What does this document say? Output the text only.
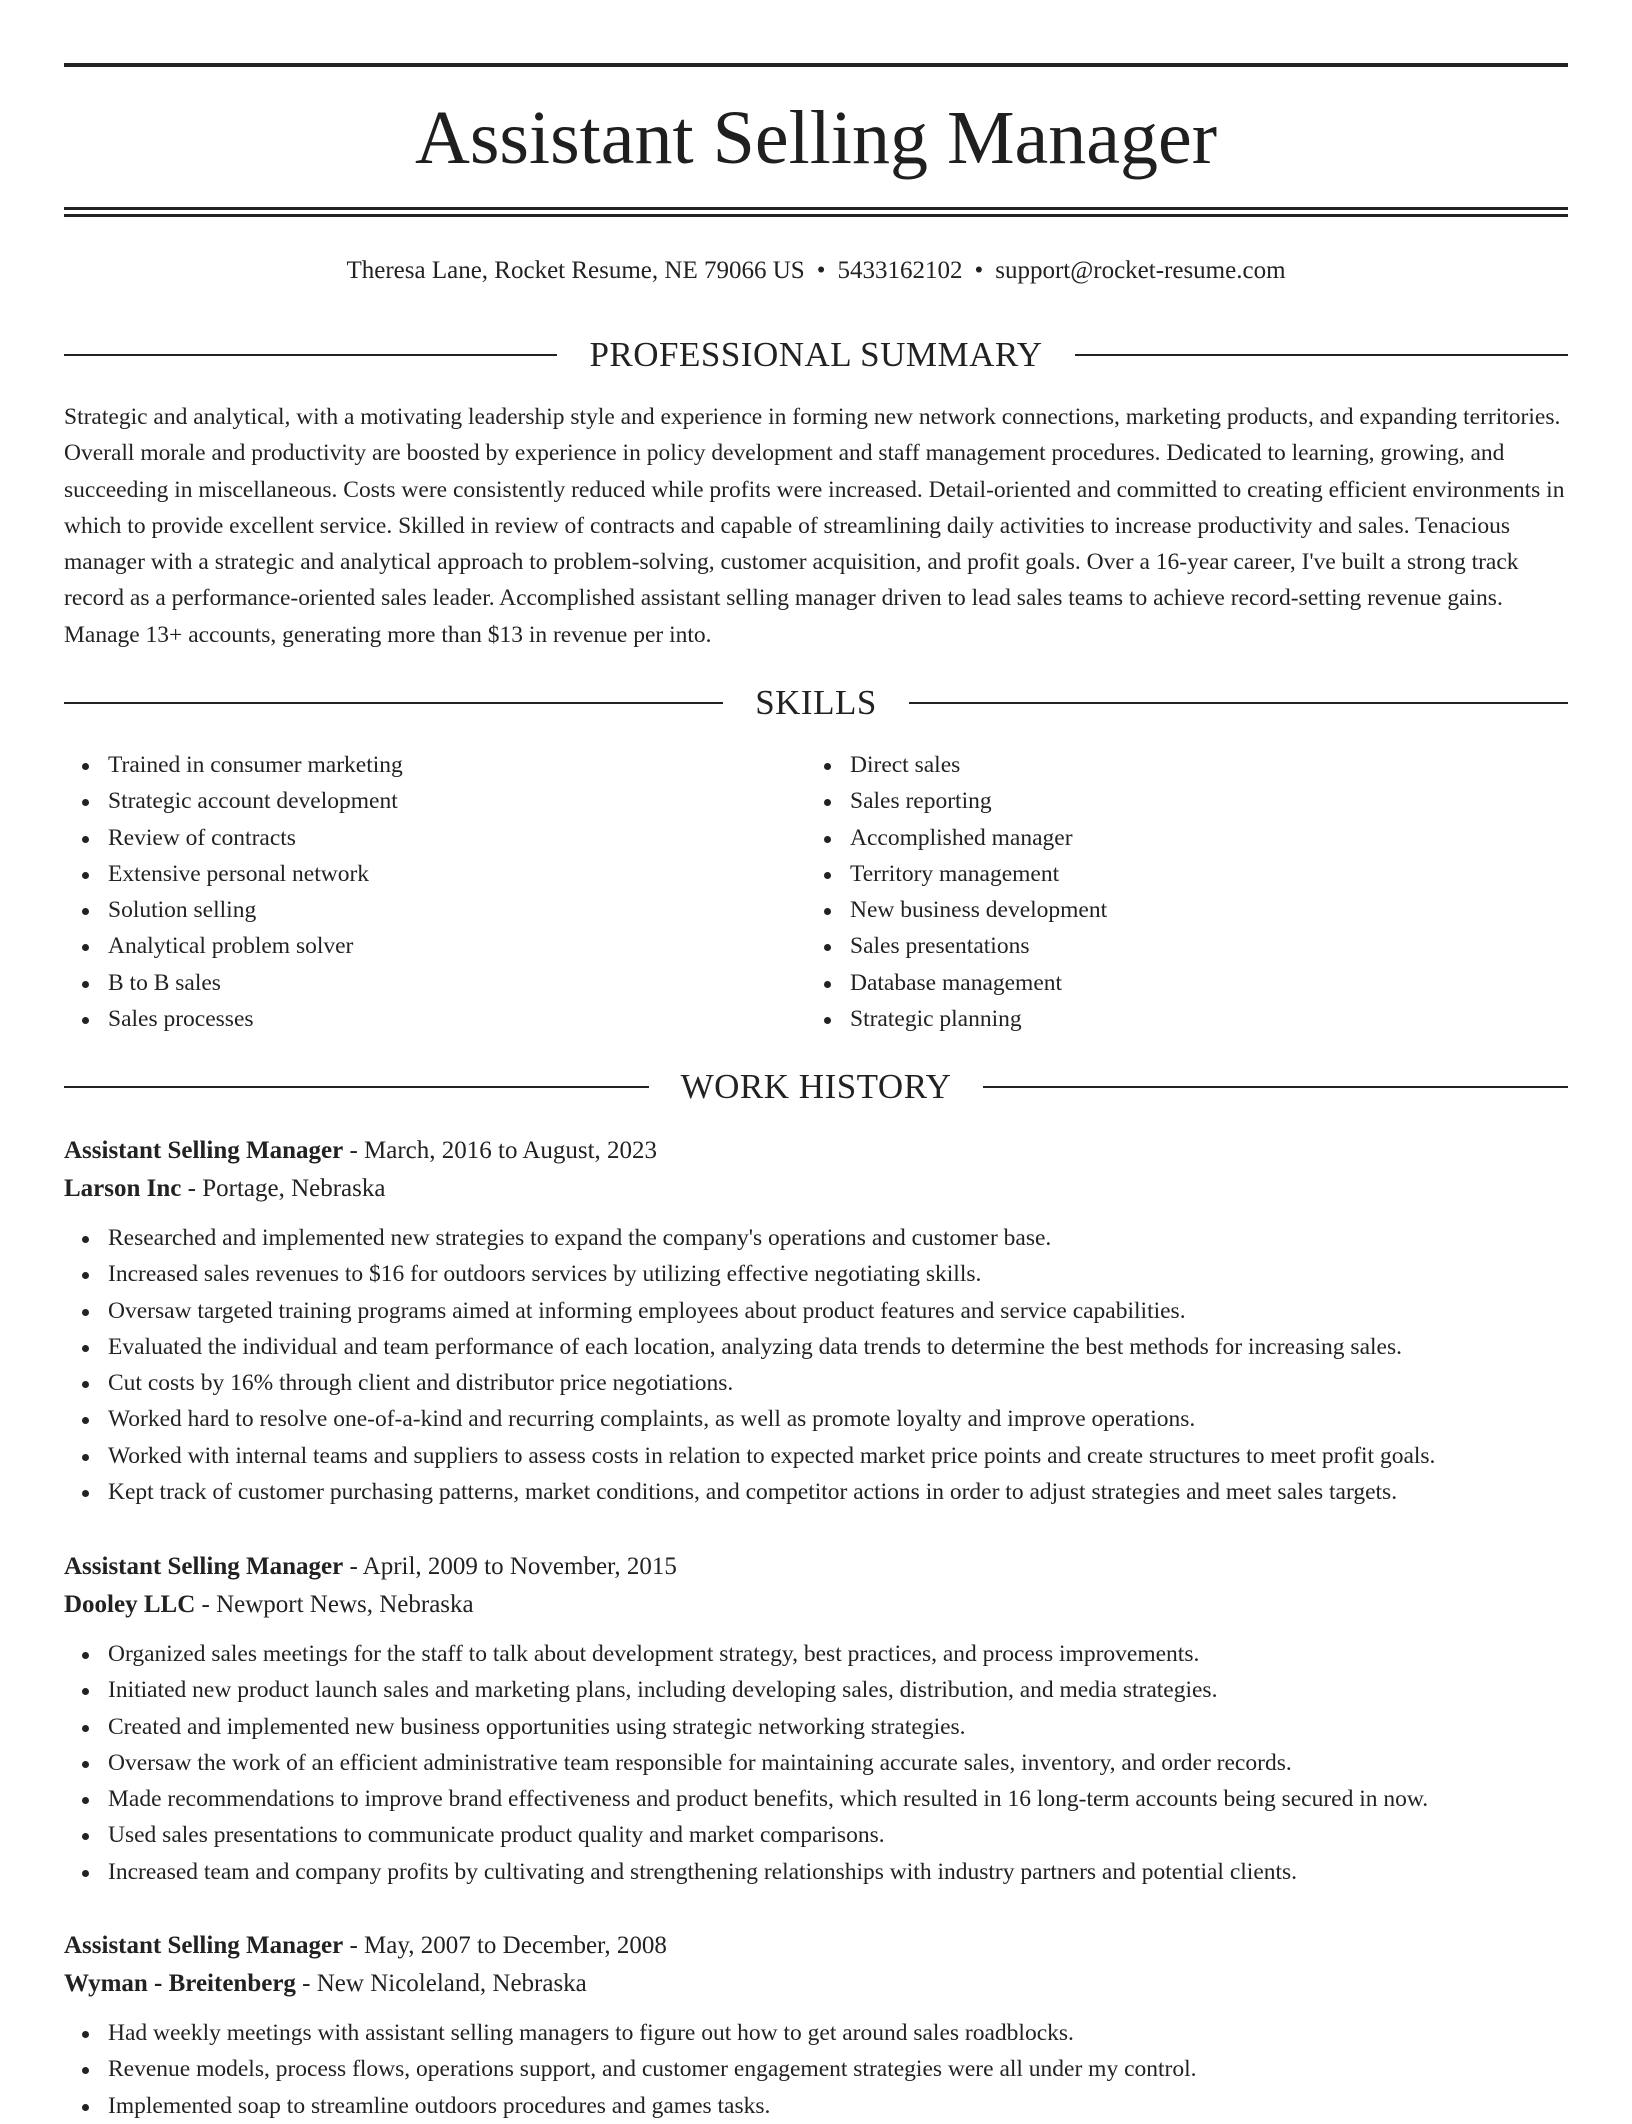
Assistant Selling Manager
Theresa Lane, Rocket Resume, NE 79066 US • 5433162102 • support@rocket-resume.com
PROFESSIONAL SUMMARY

Strategic and analytical, with a motivating leadership style and experience in forming new network connections, marketing products, and expanding territories. Overall morale and productivity are boosted by experience in policy development and staff management procedures. Dedicated to learning, growing, and succeeding in miscellaneous. Costs were consistently reduced while profits were increased. Detail-oriented and committed to creating efficient environments in which to provide excellent service. Skilled in review of contracts and capable of streamlining daily activities to increase productivity and sales. Tenacious manager with a strategic and analytical approach to problem-solving, customer acquisition, and profit goals. Over a 16-year career, I've built a strong track record as a performance-oriented sales leader. Accomplished assistant selling manager driven to lead sales teams to achieve record-setting revenue gains. Manage 13+ accounts, generating more than $13 in revenue per into.

SKILLS
Trained in consumer marketing
Strategic account development
Review of contracts
Extensive personal network
Solution selling
Analytical problem solver
B to B sales
Sales processes
Direct sales
Sales reporting
Accomplished manager
Territory management
New business development
Sales presentations
Database management
Strategic planning
WORK HISTORY
Assistant Selling Manager - March, 2016 to August, 2023
Larson Inc - Portage, Nebraska
Researched and implemented new strategies to expand the company's operations and customer base.
Increased sales revenues to $16 for outdoors services by utilizing effective negotiating skills.
Oversaw targeted training programs aimed at informing employees about product features and service capabilities.
Evaluated the individual and team performance of each location, analyzing data trends to determine the best methods for increasing sales.
Cut costs by 16% through client and distributor price negotiations.
Worked hard to resolve one-of-a-kind and recurring complaints, as well as promote loyalty and improve operations.
Worked with internal teams and suppliers to assess costs in relation to expected market price points and create structures to meet profit goals.
Kept track of customer purchasing patterns, market conditions, and competitor actions in order to adjust strategies and meet sales targets.
Assistant Selling Manager - April, 2009 to November, 2015
Dooley LLC - Newport News, Nebraska
Organized sales meetings for the staff to talk about development strategy, best practices, and process improvements.
Initiated new product launch sales and marketing plans, including developing sales, distribution, and media strategies.
Created and implemented new business opportunities using strategic networking strategies.
Oversaw the work of an efficient administrative team responsible for maintaining accurate sales, inventory, and order records.
Made recommendations to improve brand effectiveness and product benefits, which resulted in 16 long-term accounts being secured in now.
Used sales presentations to communicate product quality and market comparisons.
Increased team and company profits by cultivating and strengthening relationships with industry partners and potential clients.
Assistant Selling Manager - May, 2007 to December, 2008
Wyman - Breitenberg - New Nicoleland, Nebraska
Had weekly meetings with assistant selling managers to figure out how to get around sales roadblocks.
Revenue models, process flows, operations support, and customer engagement strategies were all under my control.
Implemented soap to streamline outdoors procedures and games tasks.
